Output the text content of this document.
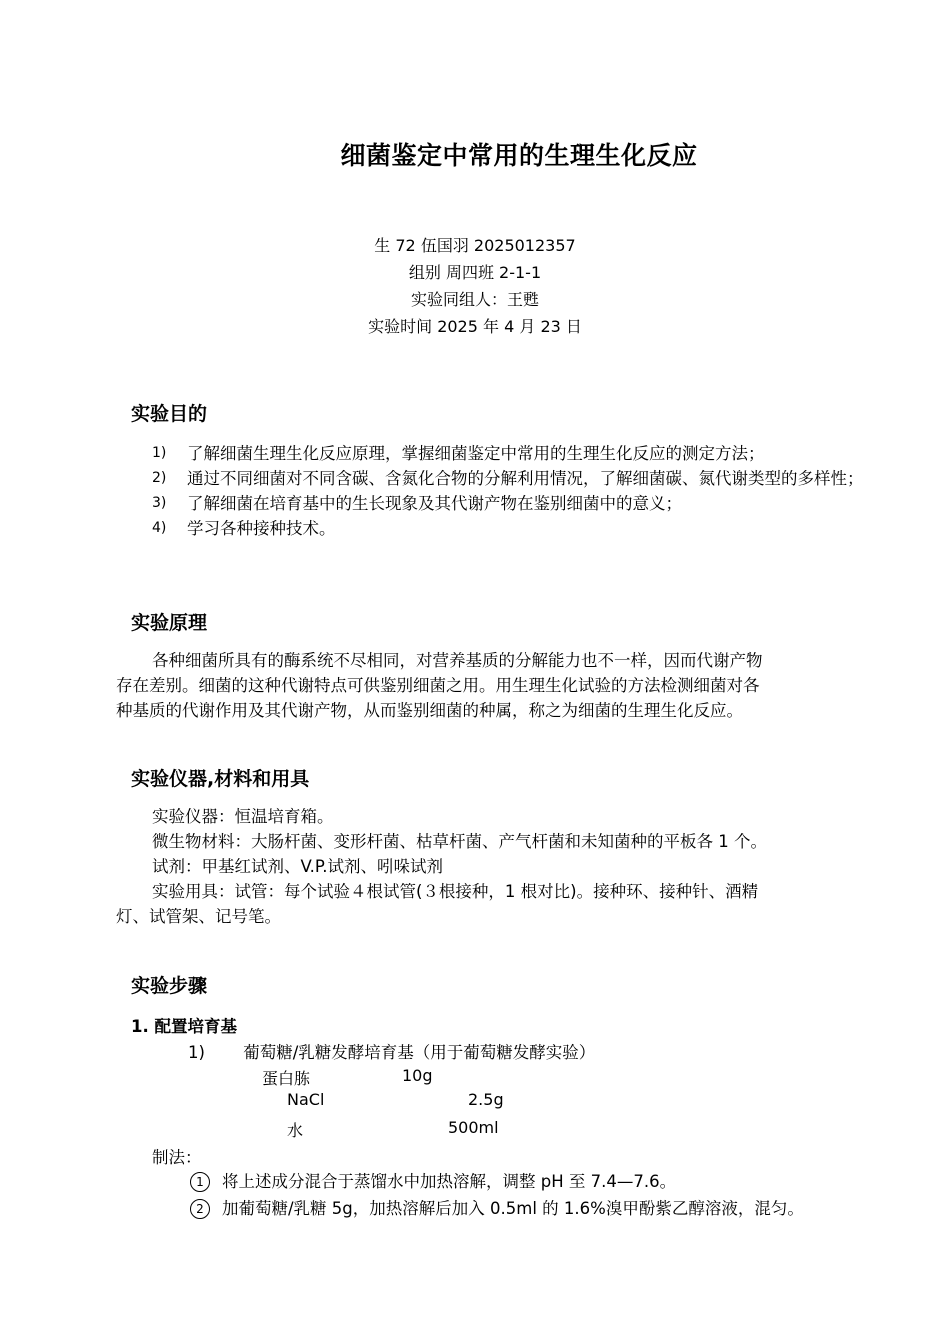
细菌鉴定中常用的生理生化反应
生 72 伍国羽 2025012357
组别 周四班 2-1-1
实验同组人：王甦
实验时间 2025 年 4 月 23 日
实验目的
1) 了解细菌生理生化反应原理，掌握细菌鉴定中常用的生理生化反应的测定方法；
2) 通过不同细菌对不同含碳、含氮化合物的分解利用情况，了解细菌碳、氮代谢类型的多样性；
3) 了解细菌在培育基中的生长现象及其代谢产物在鉴别细菌中的意义；
4) 学习各种接种技术。
实验原理
各种细菌所具有的酶系统不尽相同，对营养基质的分解能力也不一样，因而代谢产物
存在差别。细菌的这种代谢特点可供鉴别细菌之用。用生理生化试验的方法检测细菌对各
种基质的代谢作用及其代谢产物，从而鉴别细菌的种属，称之为细菌的生理生化反应。
实验仪器,材料和用具
实验仪器：恒温培育箱。
微生物材料：大肠杆菌、变形杆菌、枯草杆菌、产气杆菌和未知菌种的平板各 1 个。
试剂：甲基红试剂、V.P.试剂、吲哚试剂
实验用具：试管：每个试验４根试管(３根接种，1 根对比)。接种环、接种针、酒精
灯、试管架、记号笔。
实验步骤
1. 配置培育基
1) 葡萄糖/乳糖发酵培育基（用于葡萄糖发酵实验）
蛋白胨	10g
NaCl	2.5g
水	500ml
制法：
1 将上述成分混合于蒸馏水中加热溶解，调整 pH 至 7.4—7.6。
2 加葡萄糖/乳糖 5g，加热溶解后加入 0.5ml 的 1.6%溴甲酚紫乙醇溶液，混匀。
